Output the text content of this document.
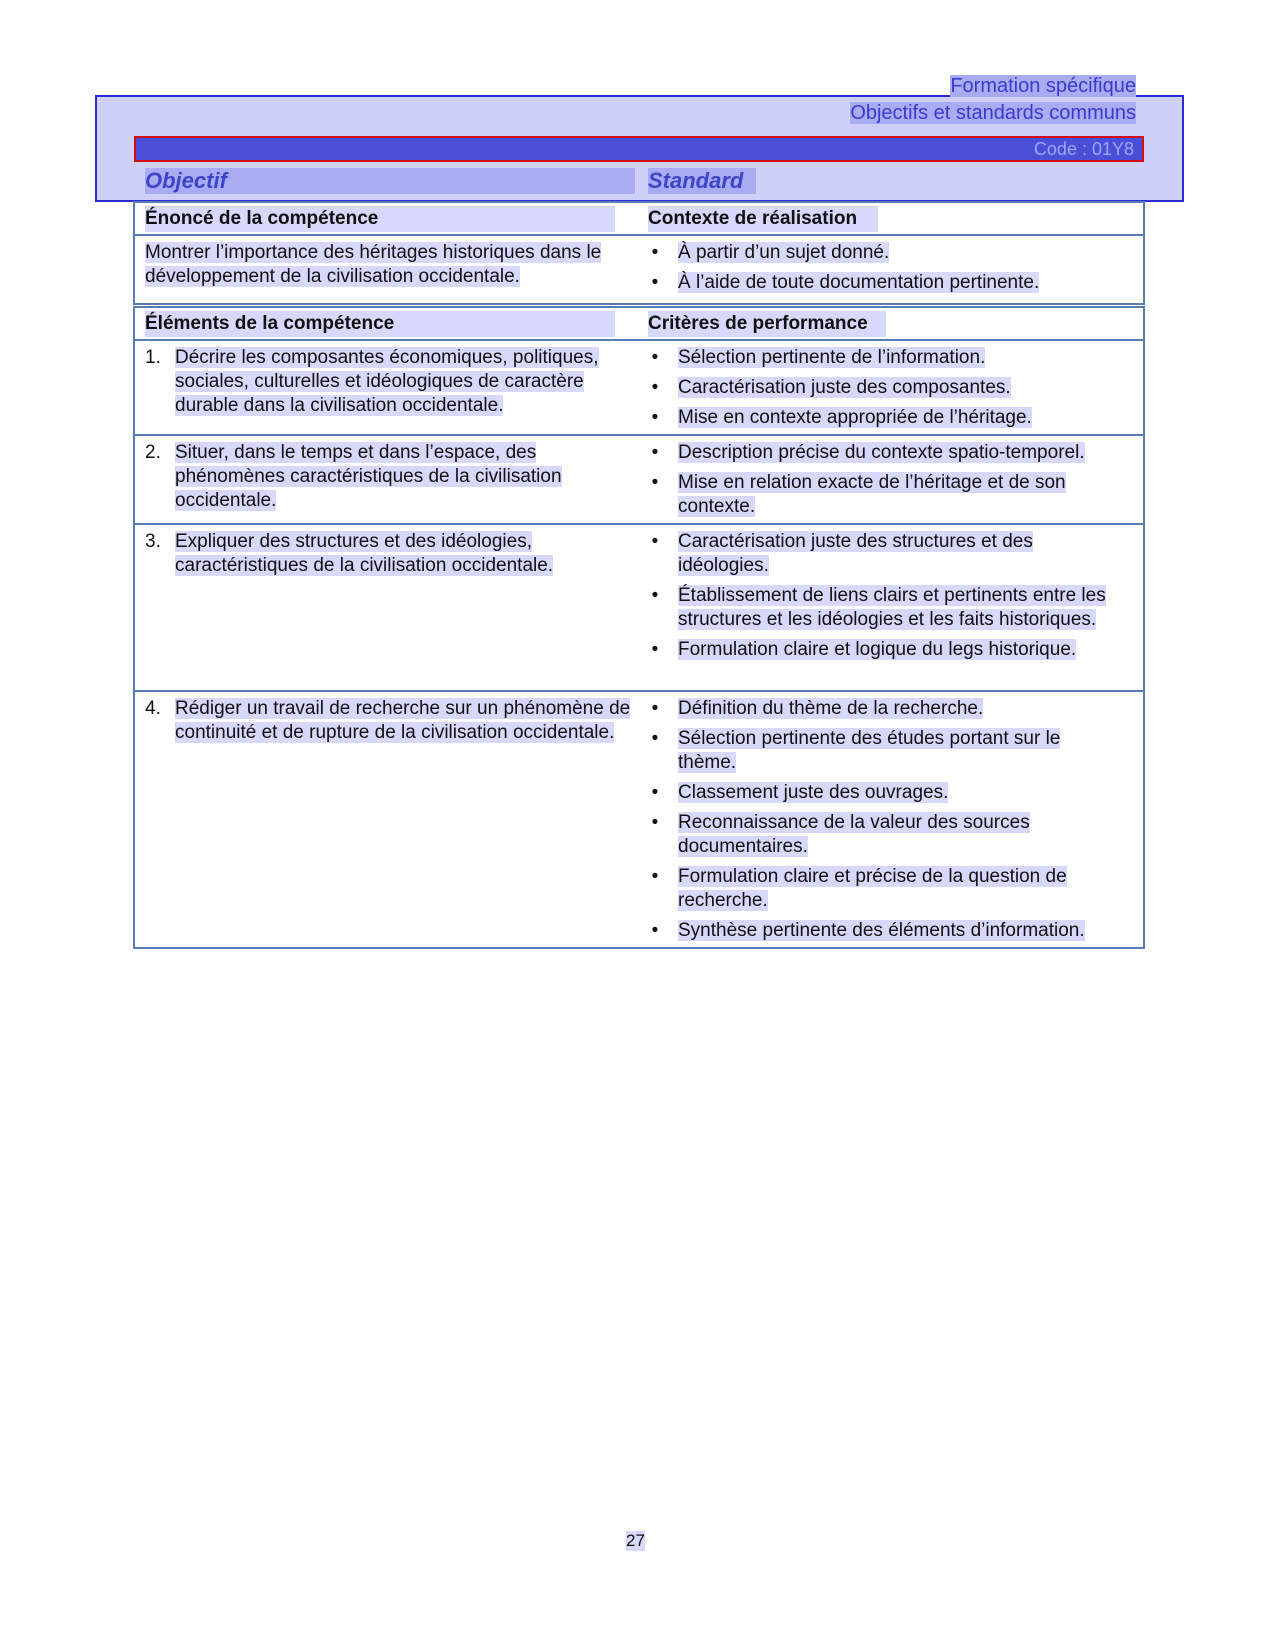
Formation spécifique
Objectifs et standards communs
Code : 01Y8
Objectif	Standard
Énoncé de la compétence	Contexte de réalisation
Montrer l’importance des héritages historiques dans le développement de la civilisation occidentale.
• À partir d’un sujet donné.
• À l’aide de toute documentation pertinente.
Éléments de la compétence	Critères de performance
1. Décrire les composantes économiques, politiques, sociales, culturelles et idéologiques de caractère durable dans la civilisation occidentale.
• Sélection pertinente de l’information.
• Caractérisation juste des composantes.
• Mise en contexte appropriée de l’héritage.
2. Situer, dans le temps et dans l’espace, des phénomènes caractéristiques de la civilisation occidentale.
• Description précise du contexte spatio-temporel.
• Mise en relation exacte de l’héritage et de son contexte.
3. Expliquer des structures et des idéologies, caractéristiques de la civilisation occidentale.
• Caractérisation juste des structures et des idéologies.
• Établissement de liens clairs et pertinents entre les structures et les idéologies et les faits historiques.
• Formulation claire et logique du legs historique.
4. Rédiger un travail de recherche sur un phénomène de continuité et de rupture de la civilisation occidentale.
• Définition du thème de la recherche.
• Sélection pertinente des études portant sur le thème.
• Classement juste des ouvrages.
• Reconnaissance de la valeur des sources documentaires.
• Formulation claire et précise de la question de recherche.
• Synthèse pertinente des éléments d’information.
27
